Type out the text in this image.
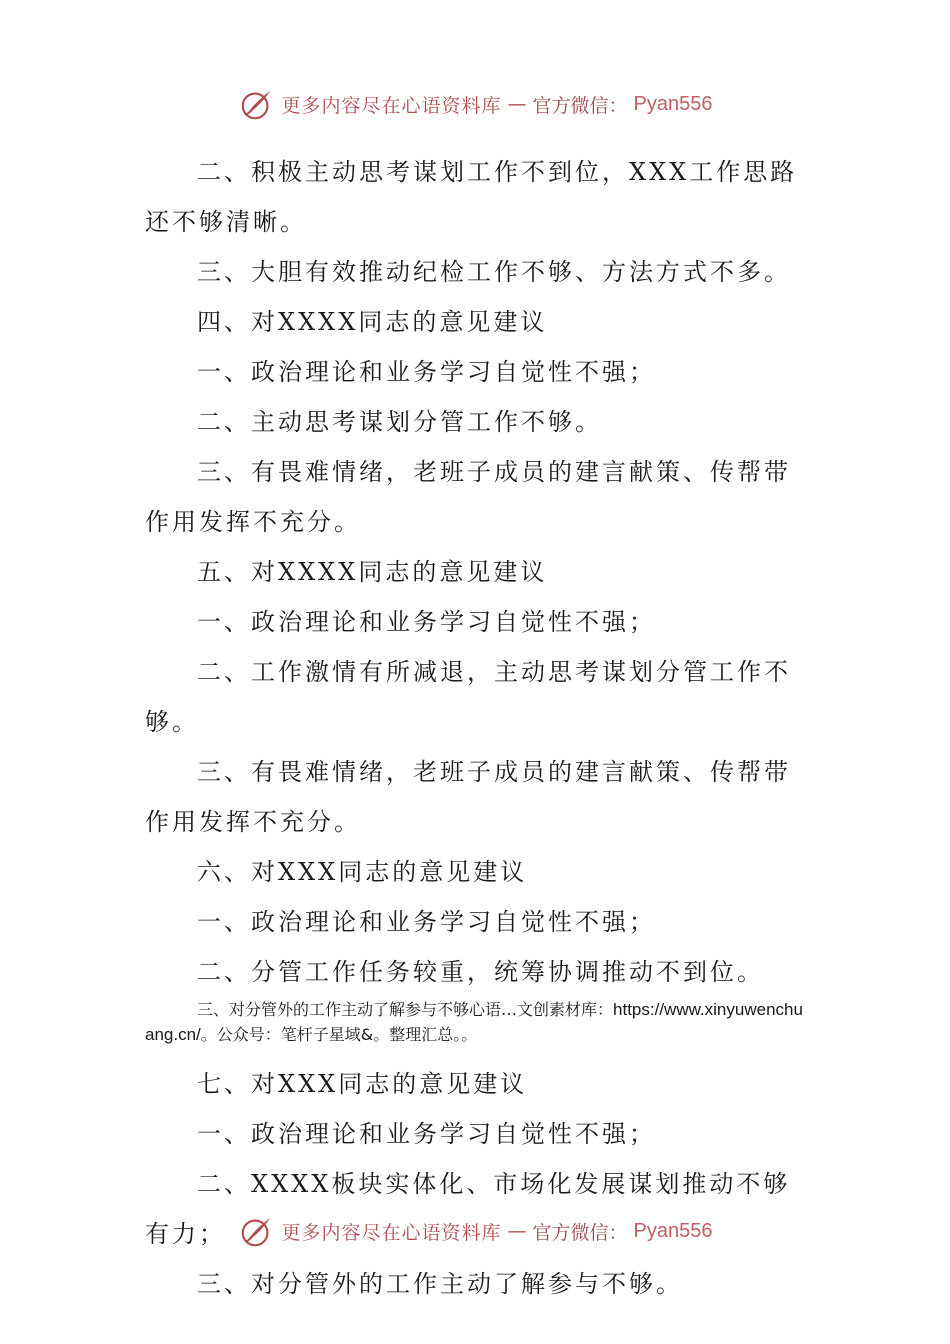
更多内容尽在心语资料库 — 官方微信： Pyan556

二、积极主动思考谋划工作不到位，XXX工作思路还不够清晰。

三、大胆有效推动纪检工作不够、方法方式不多。

四、对XXXX同志的意见建议

一、政治理论和业务学习自觉性不强；

二、主动思考谋划分管工作不够。

三、有畏难情绪，老班子成员的建言献策、传帮带作用发挥不充分。

五、对XXXX同志的意见建议

一、政治理论和业务学习自觉性不强；

二、工作激情有所减退，主动思考谋划分管工作不够。

三、有畏难情绪，老班子成员的建言献策、传帮带作用发挥不充分。

六、对XXX同志的意见建议

一、政治理论和业务学习自觉性不强；

二、分管工作任务较重，统筹协调推动不到位。

三、对分管外的工作主动了解参与不够心语…文创素材库：https://www.xinyuwenchuang.cn/。公众号：笔杆子星域&。整理汇总。。

七、对XXX同志的意见建议

一、政治理论和业务学习自觉性不强；

二、XXXX板块实体化、市场化发展谋划推动不够有力；

三、对分管外的工作主动了解参与不够。

更多内容尽在心语资料库 — 官方微信： Pyan556
